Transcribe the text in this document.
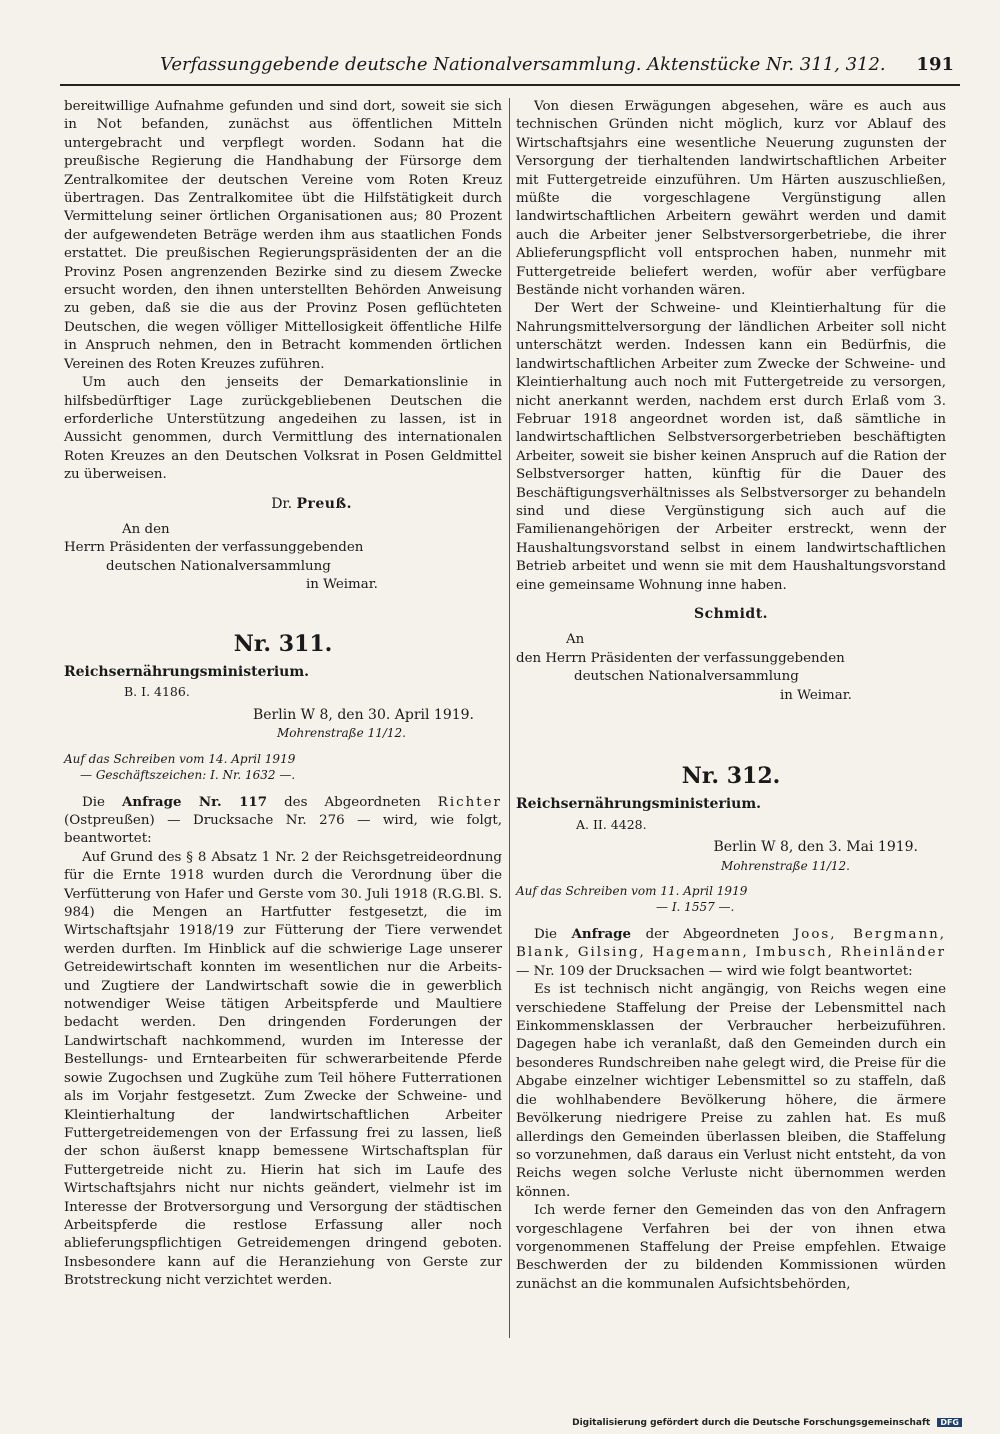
Verfassunggebende deutsche Nationalversammlung. Aktenstücke Nr. 311, 312. 191

bereitwillige Aufnahme gefunden und sind dort, soweit sie sich in Not befanden, zunächst aus öffentlichen Mitteln untergebracht und verpflegt worden. Sodann hat die preußische Regierung die Handhabung der Fürsorge dem Zentralkomitee der deutschen Vereine vom Roten Kreuz übertragen. Das Zentralkomitee übt die Hilfstätigkeit durch Vermittelung seiner örtlichen Organisationen aus; 80 Prozent der aufgewendeten Beträge werden ihm aus staatlichen Fonds erstattet. Die preußischen Regierungspräsidenten der an die Provinz Posen angrenzenden Bezirke sind zu diesem Zwecke ersucht worden, den ihnen unterstellten Behörden Anweisung zu geben, daß sie die aus der Provinz Posen geflüchteten Deutschen, die wegen völliger Mittellosigkeit öffentliche Hilfe in Anspruch nehmen, den in Betracht kommenden örtlichen Vereinen des Roten Kreuzes zuführen.

Um auch den jenseits der Demarkationslinie in hilfsbedürftiger Lage zurückgebliebenen Deutschen die erforderliche Unterstützung angedeihen zu lassen, ist in Aussicht genommen, durch Vermittlung des internationalen Roten Kreuzes an den Deutschen Volksrat in Posen Geldmittel zu überweisen.

Dr. Preuß.
An den
Herrn Präsidenten der verfassunggebenden
deutschen Nationalversammlung
in Weimar.
Nr. 311.
Reichsernährungsministerium.
B. I. 4186.
Berlin W 8, den 30. April 1919.
Mohrenstraße 11/12.
Auf das Schreiben vom 14. April 1919
— Geschäftszeichen: I. Nr. 1632 —.

Die Anfrage Nr. 117 des Abgeordneten Richter (Ostpreußen) — Drucksache Nr. 276 — wird, wie folgt, beantwortet:

Auf Grund des § 8 Absatz 1 Nr. 2 der Reichsgetreideordnung für die Ernte 1918 wurden durch die Verordnung über die Verfütterung von Hafer und Gerste vom 30. Juli 1918 (R.G.Bl. S. 984) die Mengen an Hartfutter festgesetzt, die im Wirtschaftsjahr 1918/19 zur Fütterung der Tiere verwendet werden durften. Im Hinblick auf die schwierige Lage unserer Getreidewirtschaft konnten im wesentlichen nur die Arbeits- und Zugtiere der Landwirtschaft sowie die in gewerblich notwendiger Weise tätigen Arbeitspferde und Maultiere bedacht werden. Den dringenden Forderungen der Landwirtschaft nachkommend, wurden im Interesse der Bestellungs- und Erntearbeiten für schwerarbeitende Pferde sowie Zugochsen und Zugkühe zum Teil höhere Futterrationen als im Vorjahr festgesetzt. Zum Zwecke der Schweine- und Kleintierhaltung der landwirtschaftlichen Arbeiter Futtergetreidemengen von der Erfassung frei zu lassen, ließ der schon äußerst knapp bemessene Wirtschaftsplan für Futtergetreide nicht zu. Hierin hat sich im Laufe des Wirtschaftsjahrs nicht nur nichts geändert, vielmehr ist im Interesse der Brotversorgung und Versorgung der städtischen Arbeitspferde die restlose Erfassung aller noch ablieferungspflichtigen Getreidemengen dringend geboten. Insbesondere kann auf die Heranziehung von Gerste zur Brotstreckung nicht verzichtet werden.

Von diesen Erwägungen abgesehen, wäre es auch aus technischen Gründen nicht möglich, kurz vor Ablauf des Wirtschaftsjahrs eine wesentliche Neuerung zugunsten der Versorgung der tierhaltenden landwirtschaftlichen Arbeiter mit Futtergetreide einzuführen. Um Härten auszuschließen, müßte die vorgeschlagene Vergünstigung allen landwirtschaftlichen Arbeitern gewährt werden und damit auch die Arbeiter jener Selbstversorgerbetriebe, die ihrer Ablieferungspflicht voll entsprochen haben, nunmehr mit Futtergetreide beliefert werden, wofür aber verfügbare Bestände nicht vorhanden wären.

Der Wert der Schweine- und Kleintierhaltung für die Nahrungsmittelversorgung der ländlichen Arbeiter soll nicht unterschätzt werden. Indessen kann ein Bedürfnis, die landwirtschaftlichen Arbeiter zum Zwecke der Schweine- und Kleintierhaltung auch noch mit Futtergetreide zu versorgen, nicht anerkannt werden, nachdem erst durch Erlaß vom 3. Februar 1918 angeordnet worden ist, daß sämtliche in landwirtschaftlichen Selbstversorgerbetrieben beschäftigten Arbeiter, soweit sie bisher keinen Anspruch auf die Ration der Selbstversorger hatten, künftig für die Dauer des Beschäftigungsverhältnisses als Selbstversorger zu behandeln sind und diese Vergünstigung sich auch auf die Familienangehörigen der Arbeiter erstreckt, wenn der Haushaltungsvorstand selbst in einem landwirtschaftlichen Betrieb arbeitet und wenn sie mit dem Haushaltungsvorstand eine gemeinsame Wohnung inne haben.

Schmidt.
An
den Herrn Präsidenten der verfassunggebenden
deutschen Nationalversammlung
in Weimar.
Nr. 312.
Reichsernährungsministerium.
A. II. 4428.
Berlin W 8, den 3. Mai 1919.
Mohrenstraße 11/12.
Auf das Schreiben vom 11. April 1919
— I. 1557 —.

Die Anfrage der Abgeordneten Joos, Bergmann, Blank, Gilsing, Hagemann, Imbusch, Rheinländer — Nr. 109 der Drucksachen — wird wie folgt beantwortet:

Es ist technisch nicht angängig, von Reichs wegen eine verschiedene Staffelung der Preise der Lebensmittel nach Einkommensklassen der Verbraucher herbeizuführen. Dagegen habe ich veranlaßt, daß den Gemeinden durch ein besonderes Rundschreiben nahe gelegt wird, die Preise für die Abgabe einzelner wichtiger Lebensmittel so zu staffeln, daß die wohlhabendere Bevölkerung höhere, die ärmere Bevölkerung niedrigere Preise zu zahlen hat. Es muß allerdings den Gemeinden überlassen bleiben, die Staffelung so vorzunehmen, daß daraus ein Verlust nicht entsteht, da von Reichs wegen solche Verluste nicht übernommen werden können.

Ich werde ferner den Gemeinden das von den Anfragern vorgeschlagene Verfahren bei der von ihnen etwa vorgenommenen Staffelung der Preise empfehlen. Etwaige Beschwerden der zu bildenden Kommissionen würden zunächst an die kommunalen Aufsichtsbehörden,

Digitalisierung gefördert durch die Deutsche Forschungsgemeinschaft DFG
